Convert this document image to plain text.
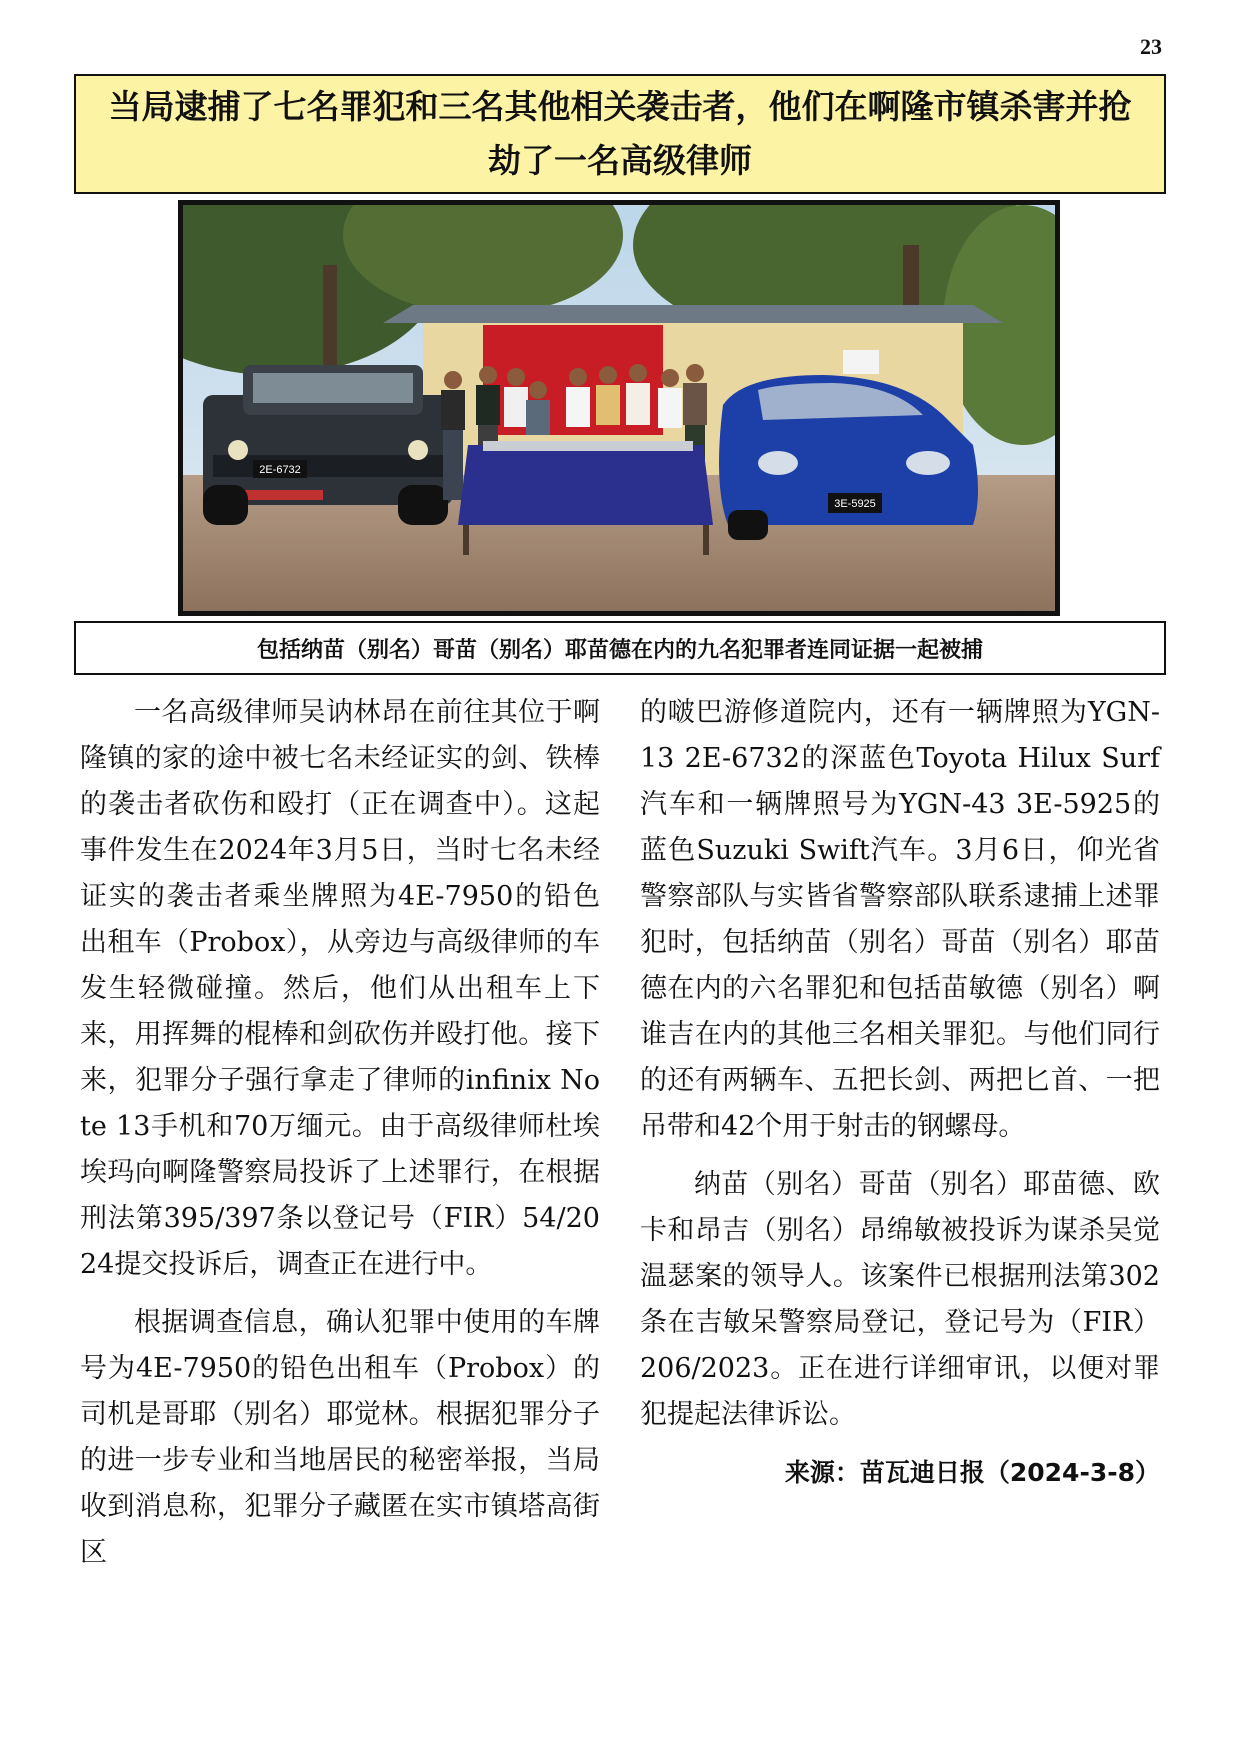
23
当局逮捕了七名罪犯和三名其他相关袭击者，他们在啊隆市镇杀害并抢劫了一名高级律师
2E-6732
3E-5925
包括纳苗（别名）哥苗（别名）耶苗德在内的九名犯罪者连同证据一起被捕

一名高级律师吴讷林昂在前往其位于啊隆镇的家的途中被七名未经证实的剑、铁棒的袭击者砍伤和殴打（正在调查中）。这起事件发生在2024年3月5日，当时七名未经证实的袭击者乘坐牌照为4E-7950的铅色出租车（Probox），从旁边与高级律师的车发生轻微碰撞。然后，他们从出租车上下来，用挥舞的棍棒和剑砍伤并殴打他。接下来，犯罪分子强行拿走了律师的infinix Note 13手机和70万缅元。由于高级律师杜埃埃玛向啊隆警察局投诉了上述罪行，在根据刑法第395/397条以登记号（FIR）54/2024提交投诉后，调查正在进行中。

根据调查信息，确认犯罪中使用的车牌号为4E-7950的铅色出租车（Probox）的司机是哥耶（别名）耶觉林。根据犯罪分子的进一步专业和当地居民的秘密举报，当局收到消息称，犯罪分子藏匿在实市镇塔高街区

的啵巴游修道院内，还有一辆牌照为YGN-13 2E-6732的深蓝色Toyota Hilux Surf汽车和一辆牌照号为YGN-43 3E-5925的蓝色Suzuki Swift汽车。3月6日，仰光省警察部队与实皆省警察部队联系逮捕上述罪犯时，包括纳苗（别名）哥苗（别名）耶苗德在内的六名罪犯和包括苗敏德（别名）啊谁吉在内的其他三名相关罪犯。与他们同行的还有两辆车、五把长剑、两把匕首、一把吊带和42个用于射击的钢螺母。

纳苗（别名）哥苗（别名）耶苗德、欧卡和昂吉（别名）昂绵敏被投诉为谋杀吴觉温瑟案的领导人。该案件已根据刑法第302条在吉敏呆警察局登记，登记号为（FIR）206/2023。正在进行详细审讯，以便对罪犯提起法律诉讼。

来源：苗瓦迪日报（2024-3-8）
